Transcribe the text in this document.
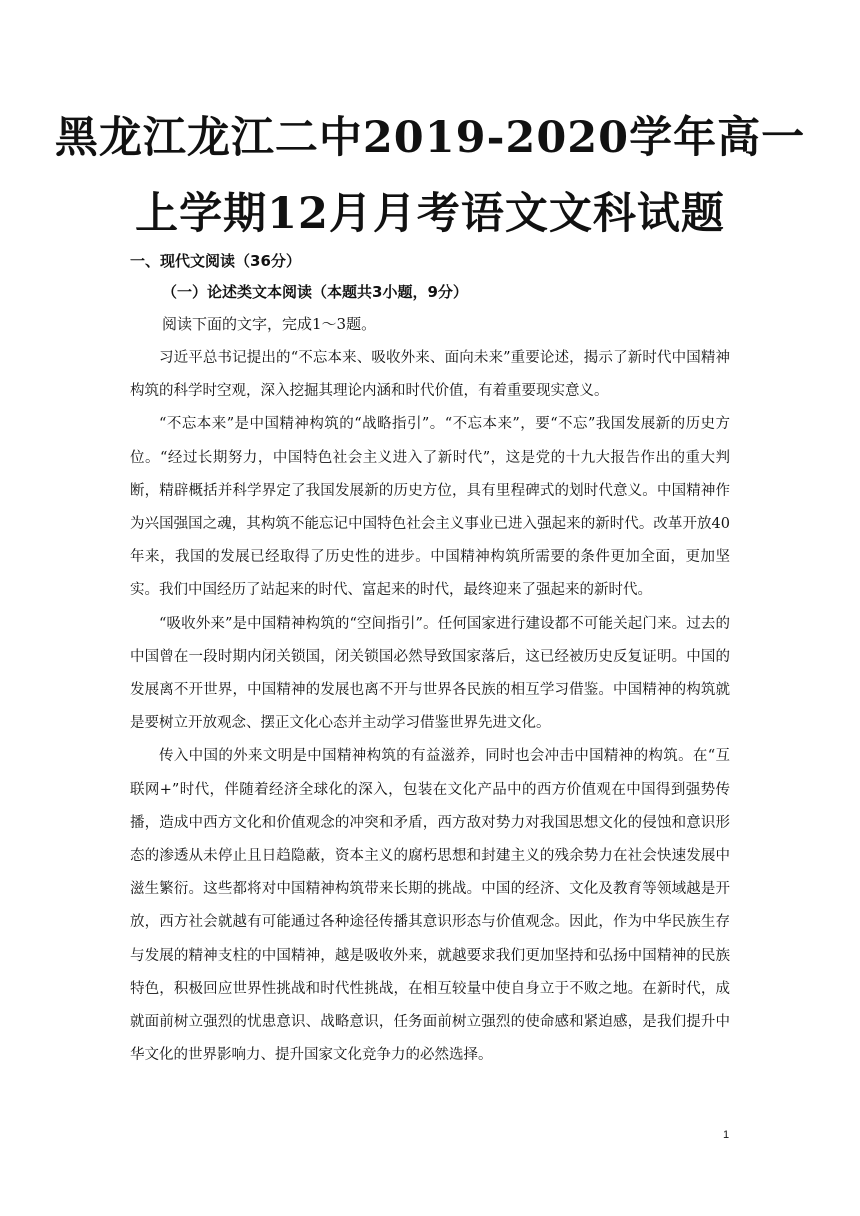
黑龙江龙江二中2019-2020学年高一
上学期12月月考语文文科试题
一、现代文阅读（36分）
（一）论述类文本阅读（本题共3小题，9分）
阅读下面的文字，完成1～3题。

习近平总书记提出的“不忘本来、吸收外来、面向未来”重要论述，揭示了新时代中国精神构筑的科学时空观，深入挖掘其理论内涵和时代价值，有着重要现实意义。

“不忘本来”是中国精神构筑的“战略指引”。“不忘本来”，要“不忘”我国发展新的历史方位。“经过长期努力，中国特色社会主义进入了新时代”，这是党的十九大报告作出的重大判断，精辟概括并科学界定了我国发展新的历史方位，具有里程碑式的划时代意义。中国精神作为兴国强国之魂，其构筑不能忘记中国特色社会主义事业已进入强起来的新时代。改革开放40年来，我国的发展已经取得了历史性的进步。中国精神构筑所需要的条件更加全面，更加坚实。我们中国经历了站起来的时代、富起来的时代，最终迎来了强起来的新时代。

“吸收外来”是中国精神构筑的“空间指引”。任何国家进行建设都不可能关起门来。过去的中国曾在一段时期内闭关锁国，闭关锁国必然导致国家落后，这已经被历史反复证明。中国的发展离不开世界，中国精神的发展也离不开与世界各民族的相互学习借鉴。中国精神的构筑就是要树立开放观念、摆正文化心态并主动学习借鉴世界先进文化。

传入中国的外来文明是中国精神构筑的有益滋养，同时也会冲击中国精神的构筑。在“互联网+”时代，伴随着经济全球化的深入，包装在文化产品中的西方价值观在中国得到强势传播，造成中西方文化和价值观念的冲突和矛盾，西方敌对势力对我国思想文化的侵蚀和意识形态的渗透从未停止且日趋隐蔽，资本主义的腐朽思想和封建主义的残余势力在社会快速发展中滋生繁衍。这些都将对中国精神构筑带来长期的挑战。中国的经济、文化及教育等领域越是开放，西方社会就越有可能通过各种途径传播其意识形态与价值观念。因此，作为中华民族生存与发展的精神支柱的中国精神，越是吸收外来，就越要求我们更加坚持和弘扬中国精神的民族特色，积极回应世界性挑战和时代性挑战，在相互较量中使自身立于不败之地。在新时代，成就面前树立强烈的忧患意识、战略意识，任务面前树立强烈的使命感和紧迫感，是我们提升中华文化的世界影响力、提升国家文化竞争力的必然选择。

1
